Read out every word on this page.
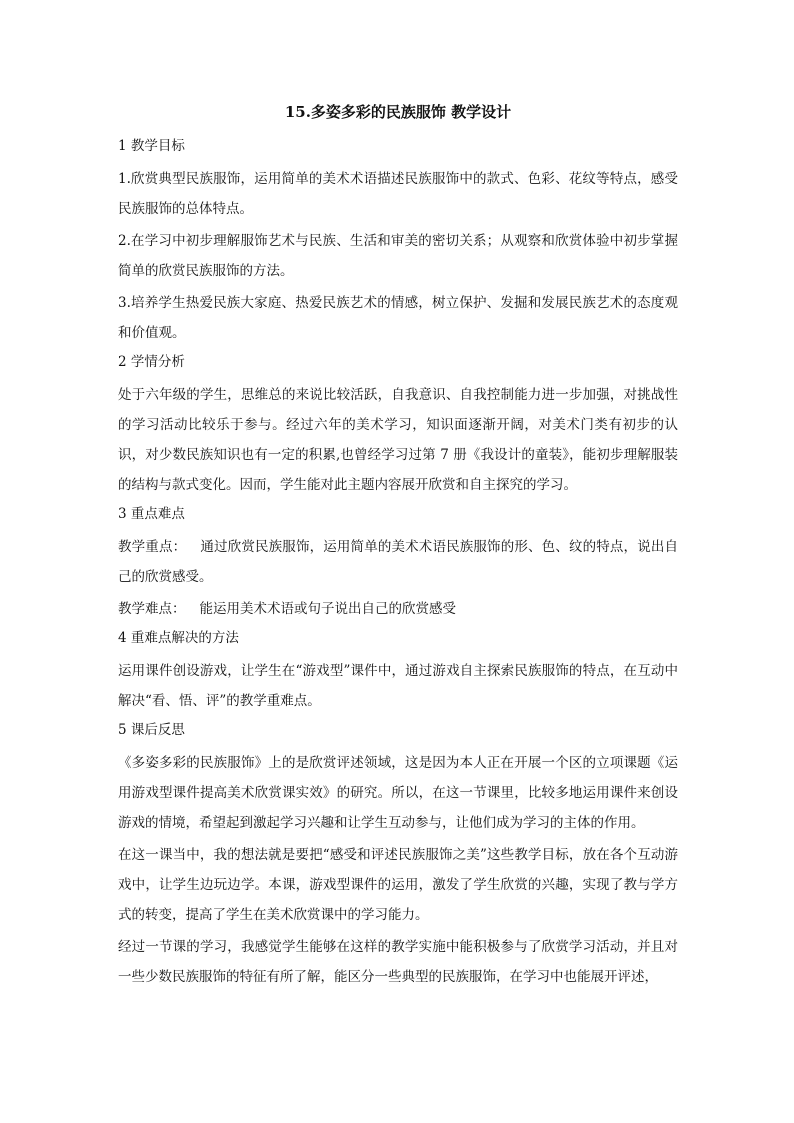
15.多姿多彩的民族服饰 教学设计
1 教学目标
1.欣赏典型民族服饰，运用简单的美术术语描述民族服饰中的款式、色彩、花纹等特点，感受民族服饰的总体特点。
2.在学习中初步理解服饰艺术与民族、生活和审美的密切关系；从观察和欣赏体验中初步掌握简单的欣赏民族服饰的方法。
3.培养学生热爱民族大家庭、热爱民族艺术的情感，树立保护、发掘和发展民族艺术的态度观和价值观。
2 学情分析
处于六年级的学生，思维总的来说比较活跃，自我意识、自我控制能力进一步加强，对挑战性的学习活动比较乐于参与。经过六年的美术学习，知识面逐渐开阔，对美术门类有初步的认识，对少数民族知识也有一定的积累,也曾经学习过第 7 册《我设计的童装》，能初步理解服装的结构与款式变化。因而，学生能对此主题内容展开欣赏和自主探究的学习。
3 重点难点
教学重点： 通过欣赏民族服饰，运用简单的美术术语民族服饰的形、色、纹的特点，说出自己的欣赏感受。
教学难点： 能运用美术术语或句子说出自己的欣赏感受
4 重难点解决的方法
运用课件创设游戏，让学生在“游戏型”课件中，通过游戏自主探索民族服饰的特点，在互动中解决“看、悟、评”的教学重难点。
5 课后反思
《多姿多彩的民族服饰》上的是欣赏评述领域，这是因为本人正在开展一个区的立项课题《运用游戏型课件提高美术欣赏课实效》的研究。所以，在这一节课里，比较多地运用课件来创设游戏的情境，希望起到激起学习兴趣和让学生互动参与，让他们成为学习的主体的作用。
在这一课当中，我的想法就是要把“感受和评述民族服饰之美”这些教学目标，放在各个互动游戏中，让学生边玩边学。本课，游戏型课件的运用，激发了学生欣赏的兴趣，实现了教与学方式的转变，提高了学生在美术欣赏课中的学习能力。
经过一节课的学习，我感觉学生能够在这样的教学实施中能积极参与了欣赏学习活动，并且对一些少数民族服饰的特征有所了解，能区分一些典型的民族服饰，在学习中也能展开评述，
